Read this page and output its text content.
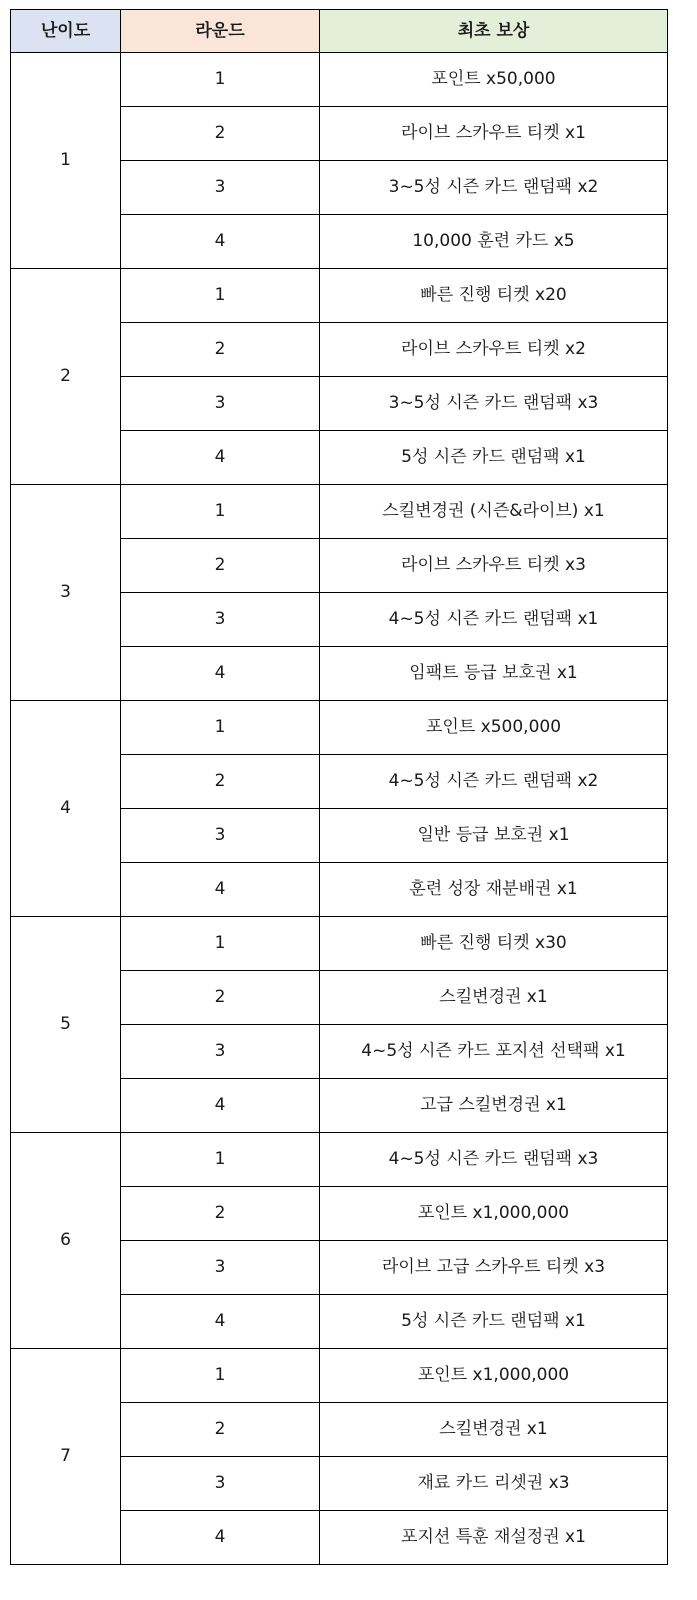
난이도	라운드	최초 보상
1	1	포인트 x50,000
	2	라이브 스카우트 티켓 x1
	3	3~5성 시즌 카드 랜덤팩 x2
	4	10,000 훈련 카드 x5
2	1	빠른 진행 티켓 x20
	2	라이브 스카우트 티켓 x2
	3	3~5성 시즌 카드 랜덤팩 x3
	4	5성 시즌 카드 랜덤팩 x1
3	1	스킬변경권 (시즌&라이브) x1
	2	라이브 스카우트 티켓 x3
	3	4~5성 시즌 카드 랜덤팩 x1
	4	임팩트 등급 보호권 x1
4	1	포인트 x500,000
	2	4~5성 시즌 카드 랜덤팩 x2
	3	일반 등급 보호권 x1
	4	훈련 성장 재분배권 x1
5	1	빠른 진행 티켓 x30
	2	스킬변경권 x1
	3	4~5성 시즌 카드 포지션 선택팩 x1
	4	고급 스킬변경권 x1
6	1	4~5성 시즌 카드 랜덤팩 x3
	2	포인트 x1,000,000
	3	라이브 고급 스카우트 티켓 x3
	4	5성 시즌 카드 랜덤팩 x1
7	1	포인트 x1,000,000
	2	스킬변경권 x1
	3	재료 카드 리셋권 x3
	4	포지션 특훈 재설정권 x1
